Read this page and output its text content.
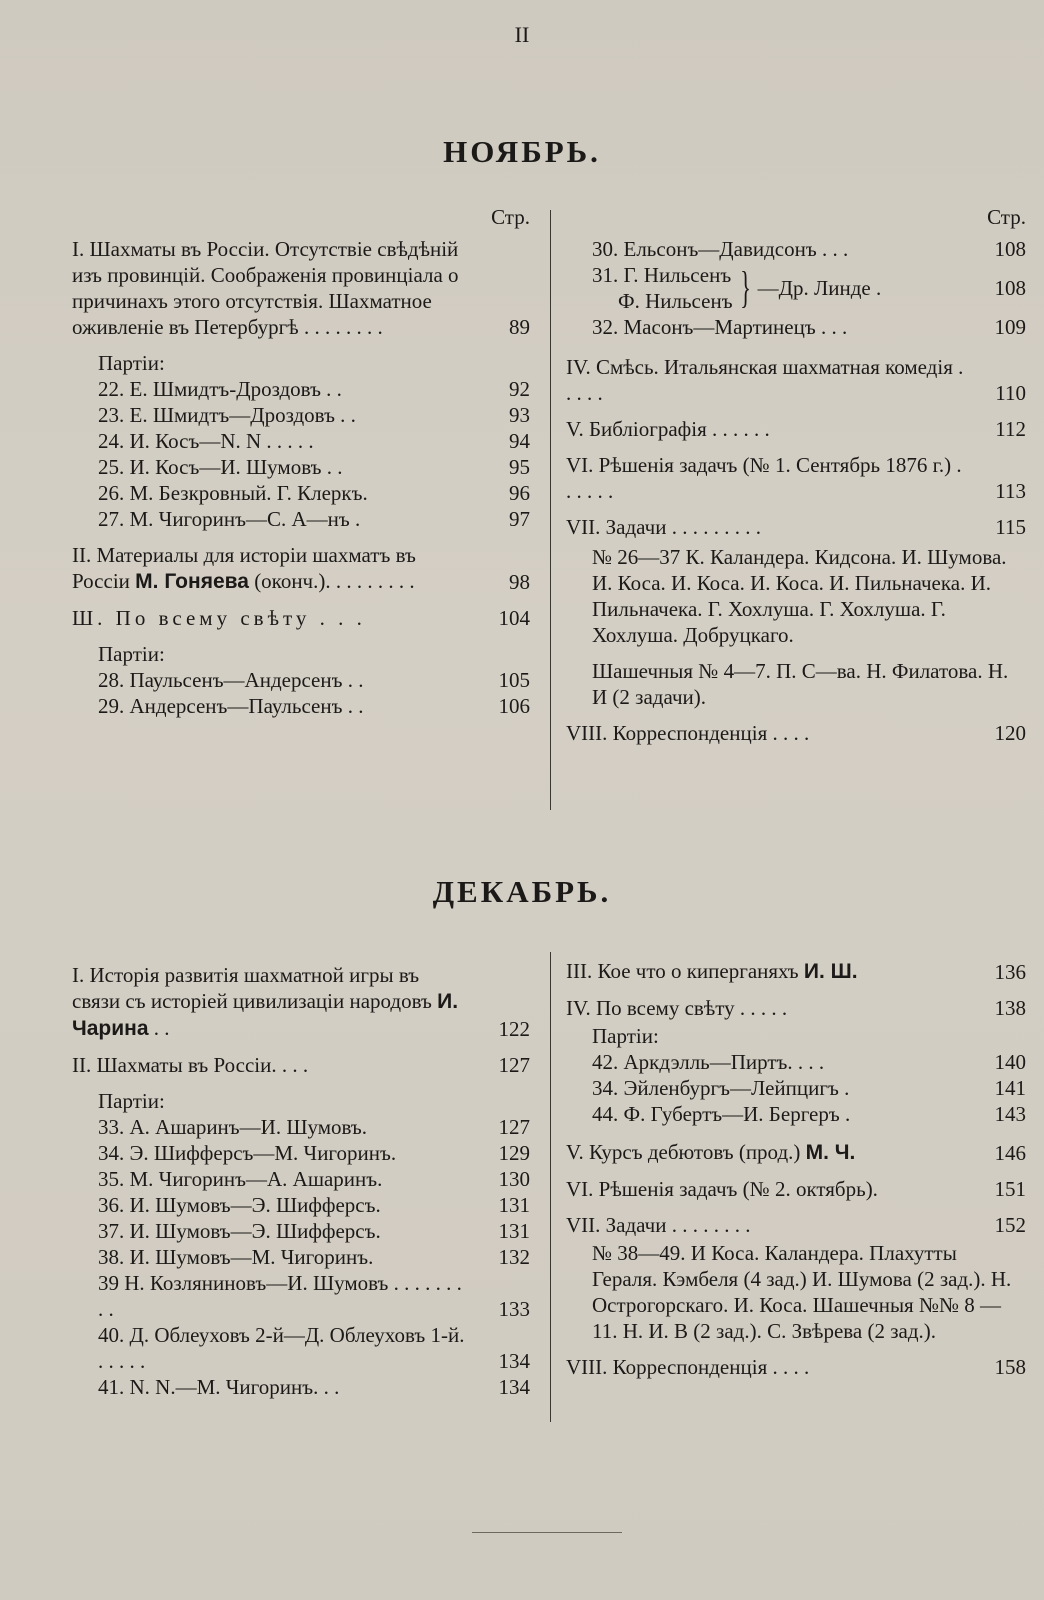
II
НОЯБРЬ.
Стр.
I. Шахматы въ Россіи. Отсутствіе свѣдѣній изъ провинцій. Соображенія провинціала о причинахъ этого отсутствія. Шахматное оживленіе въ Петербургѣ . . . . . . . .	89
Партіи:
22. Е. Шмидтъ-Дроздовъ . .	92
23. Е. Шмидтъ—Дроздовъ . .	93
24. И. Косъ—N. N . . . . .	94
25. И. Косъ—И. Шумовъ . .	95
26. М. Безкровный. Г. Клеркъ.	96
27. М. Чигоринъ—С. А—нъ .	97
II. Материалы для исторіи шахматъ въ Россіи М. Гоняева (оконч.). . . . . . . . .	98
Ш. По всему свѣту . . .	104
Партіи:
28. Паульсенъ—Андерсенъ . .	105
29. Андерсенъ—Паульсенъ . .	106
Стр.
30. Ельсонъ—Давидсонъ . . .	108
31. Г. Нильсенъ
Ф. Нильсенъ } —Др. Линде .	108
32. Масонъ—Мартинецъ . . .	109
IV. Смѣсь. Итальянская шахматная комедія . . . . .	110
V. Библіографія . . . . . .	112
VI. Рѣшенія задачъ (№ 1. Сентябрь 1876 г.) . . . . . .	113
VII. Задачи . . . . . . . . .	115
№ 26—37 К. Каландера. Кидсона. И. Шумова. И. Коса. И. Коса. И. Коса. И. Пильначека. И. Пильначека. Г. Хохлуша. Г. Хохлуша. Г. Хохлуша. Добруцкаго.
Шашечныя № 4—7. П. С—ва. Н. Филатова. Н. И (2 задачи).
VIII. Корреспонденція . . . .	120
ДЕКАБРЬ.
I. Исторія развитія шахматной игры въ связи съ исторіей цивилизаціи народовъ И. Чарина . .	122
II. Шахматы въ Россіи. . . .	127
Партіи:
33. А. Ашаринъ—И. Шумовъ.	127
34. Э. Шифферсъ—М. Чигоринъ.	129
35. М. Чигоринъ—А. Ашаринъ.	130
36. И. Шумовъ—Э. Шифферсъ.	131
37. И. Шумовъ—Э. Шифферсъ.	131
38. И. Шумовъ—М. Чигоринъ.	132
39 Н. Козляниновъ—И. Шумовъ . . . . . . . . .	133
40. Д. Облеуховъ 2-й—Д. Облеуховъ 1-й. . . . . .	134
41. N. N.—М. Чигоринъ. . .	134
III. Кое что о киперганяхъ И. Ш.	136
IV. По всему свѣту . . . . .	138
Партіи:
42. Аркдэлль—Пиртъ. . . .	140
34. Эйленбургъ—Лейпцигъ .	141
44. Ф. Губертъ—И. Бергеръ .	143
V. Курсъ дебютовъ (прод.) М. Ч.	146
VI. Рѣшенія задачъ (№ 2. октябрь).	151
VII. Задачи . . . . . . . .	152
№ 38—49. И Коса. Каландера. Плахутты Гераля. Кэмбеля (4 зад.) И. Шумова (2 зад.). Н. Острогорскаго. И. Коса. Шашечныя №№ 8 — 11. Н. И. В (2 зад.). С. Звѣрева (2 зад.).
VIII. Корреспонденція . . . .	158
